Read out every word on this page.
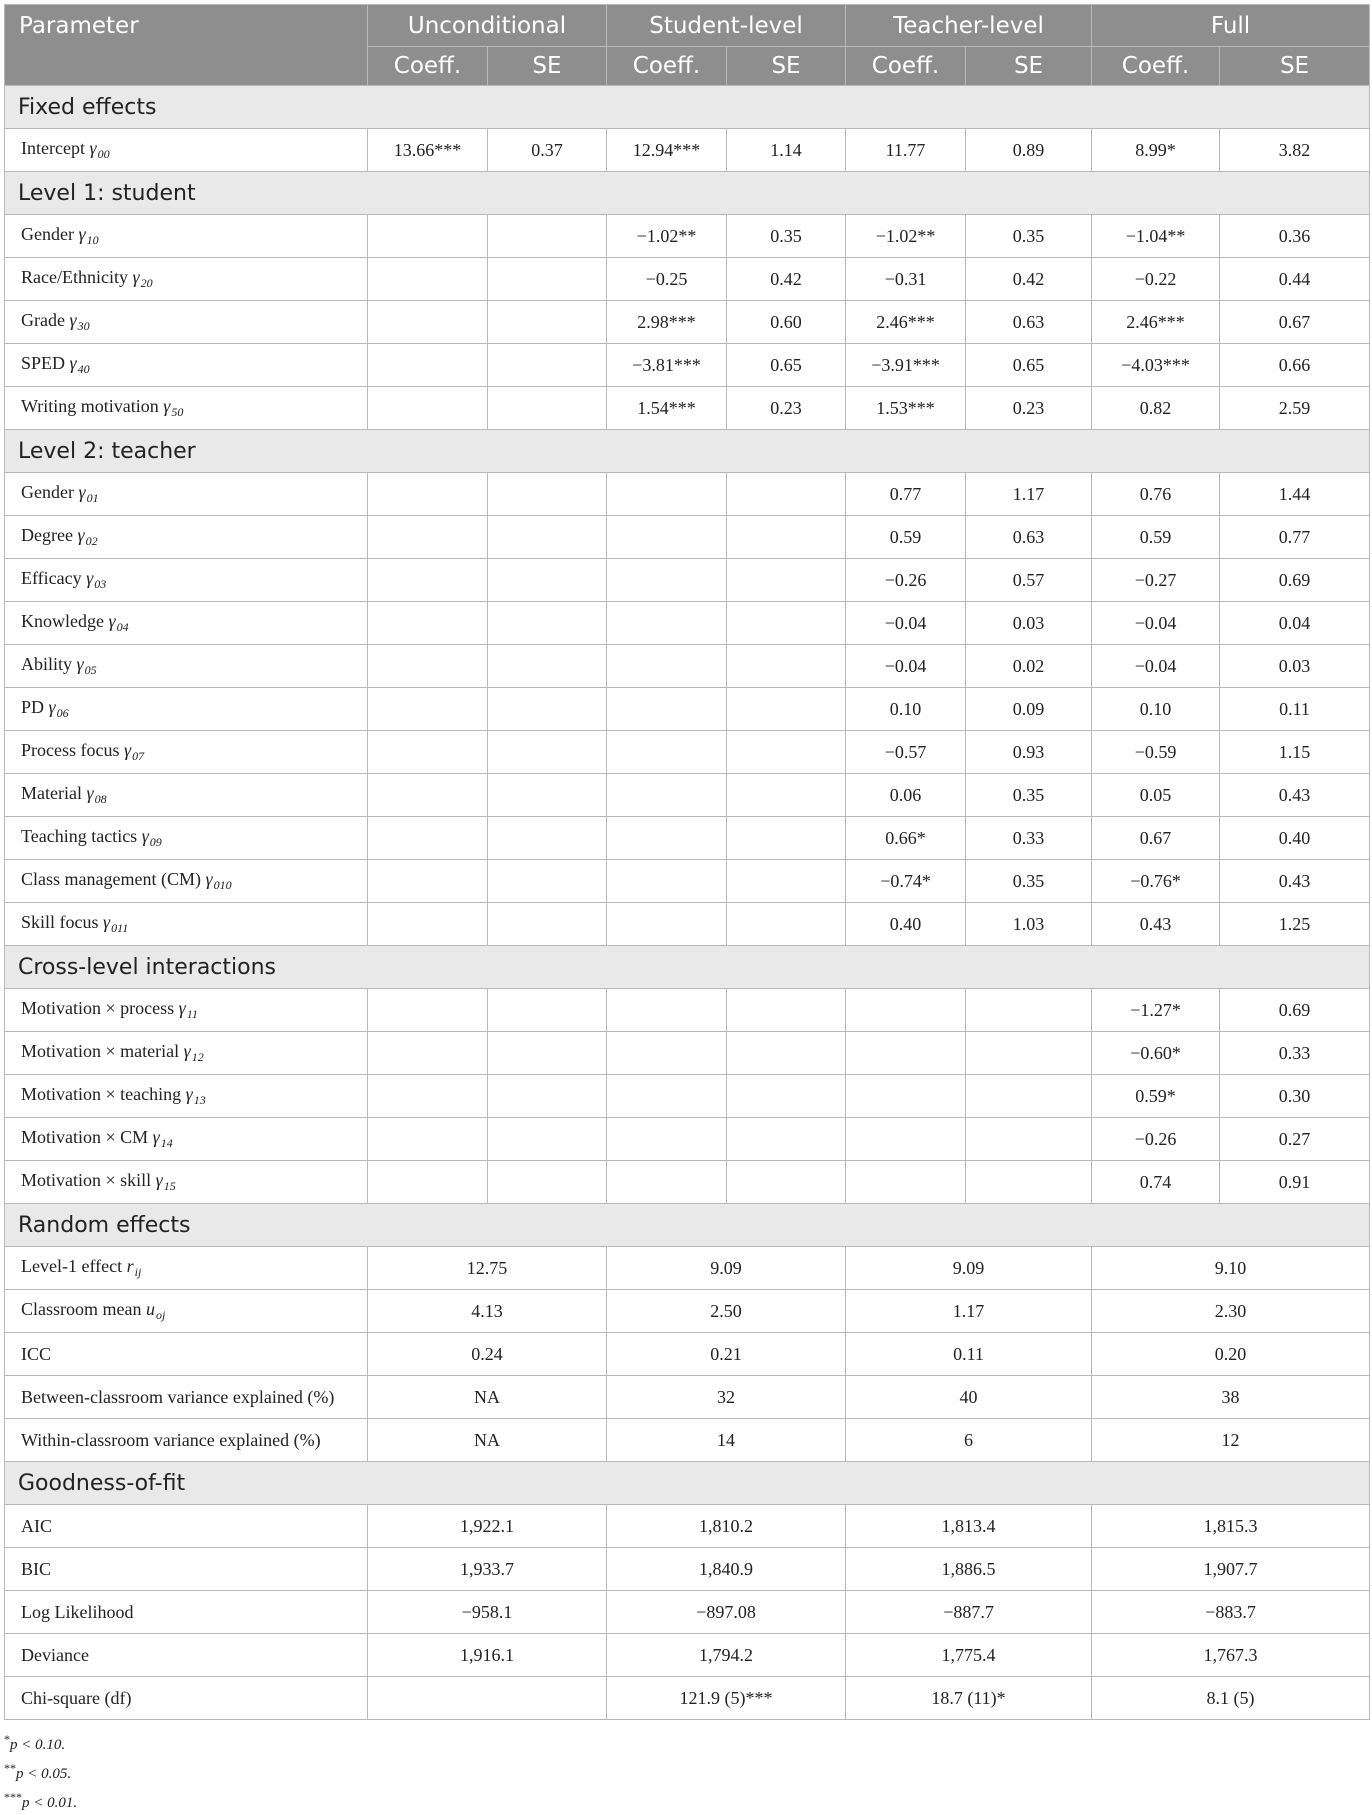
Parameter	Unconditional		Student-level		Teacher-level		Full	
	Coeff.	SE	Coeff.	SE	Coeff.	SE	Coeff.	SE
Fixed effects								
Intercept $\gamma_{00}$	13.66***	0.37	12.94***	1.14	11.77	0.89	8.99*	3.82
Level 1: student								
Gender $\gamma_{10}$			−1.02**	0.35	−1.02**	0.35	−1.04**	0.36
Race/Ethnicity $\gamma_{20}$			−0.25	0.42	−0.31	0.42	−0.22	0.44
Grade $\gamma_{30}$			2.98***	0.60	2.46***	0.63	2.46***	0.67
SPED $\gamma_{40}$			−3.81***	0.65	−3.91***	0.65	−4.03***	0.66
Writing motivation $\gamma_{50}$			1.54***	0.23	1.53***	0.23	0.82	2.59
Level 2: teacher								
Gender $\gamma_{01}$					0.77	1.17	0.76	1.44
Degree $\gamma_{02}$					0.59	0.63	0.59	0.77
Efficacy $\gamma_{03}$					−0.26	0.57	−0.27	0.69
Knowledge $\gamma_{04}$					−0.04	0.03	−0.04	0.04
Ability $\gamma_{05}$					−0.04	0.02	−0.04	0.03
PD $\gamma_{06}$					0.10	0.09	0.10	0.11
Process focus $\gamma_{07}$					−0.57	0.93	−0.59	1.15
Material $\gamma_{08}$					0.06	0.35	0.05	0.43
Teaching tactics $\gamma_{09}$					0.66*	0.33	0.67	0.40
Class management (CM) $\gamma_{010}$					−0.74*	0.35	−0.76*	0.43
Skill focus $\gamma_{011}$					0.40	1.03	0.43	1.25
Cross-level interactions								
Motivation × process $\gamma_{11}$							−1.27*	0.69
Motivation × material $\gamma_{12}$							−0.60*	0.33
Motivation × teaching $\gamma_{13}$							0.59*	0.30
Motivation × CM $\gamma_{14}$							−0.26	0.27
Motivation × skill $\gamma_{15}$							0.74	0.91
Random effects								
Level-1 effect $r_{ij}$	12.75		9.09		9.09		9.10	
Classroom mean $u_{oj}$	4.13		2.50		1.17		2.30	
ICC	0.24		0.21		0.11		0.20	
Between-classroom variance explained (%)	NA		32		40		38	
Within-classroom variance explained (%)	NA		14		6		12	
Goodness-of-fit								
AIC	1,922.1		1,810.2		1,813.4		1,815.3	
BIC	1,933.7		1,840.9		1,886.5		1,907.7	
Log Likelihood	−958.1		−897.08		−887.7		−883.7	
Deviance	1,916.1		1,794.2		1,775.4		1,767.3	
Chi-square (df)			121.9 (5)***		18.7 (11)*		8.1 (5)	
*p < 0.10.
**p < 0.05.
***p < 0.01.
